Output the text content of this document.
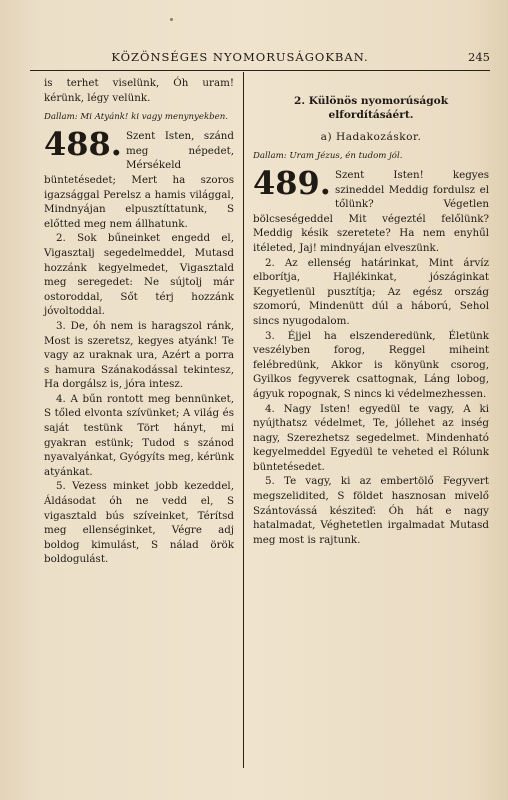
KÖZÖNSÉGES NYOMORUSÁGOKBAN.	245

is terhet viselünk, Óh uram! kérünk, légy velünk.

Dallam: Mi Atyánk! ki vagy menynyekben.

488. Szent Isten, szánd meg népedet, Mérsékeld büntetésedet; Mert ha szoros igazsággal Perelsz a hamis világgal, Mindnyájan elpusztíttatunk, S előtted meg nem állhatunk.

2. Sok bűneinket engedd el, Vigasztalj segedelmeddel, Mutasd hozzánk kegyelmedet, Vigasztald meg seregedet: Ne sújtolj már ostoroddal, Sőt térj hozzánk jóvoltoddal.

3. De, óh nem is haragszol ránk, Most is szeretsz, kegyes atyánk! Te vagy az uraknak ura, Azért a porra s hamura Szánakodással tekintesz, Ha dorgálsz is, jóra intesz.

4. A bűn rontott meg bennünket, S tőled elvonta szívünket; A világ és saját testünk Tört hányt, mi gyakran estünk; Tudod s szánod nyavalyánkat, Gyógyíts meg, kérünk atyánkat.

5. Vezess minket jobb kezeddel, Áldásodat óh ne vedd el, S vigasztald bús szíveinket, Térítsd meg ellenséginket, Végre adj boldog kimulást, S nálad örök boldogulást.

2. Különös nyomorúságok elfordításáért.

a) Hadakozáskor.

Dallam: Uram Jézus, én tudom jól.

489. Szent Isten! kegyes szineddel Meddig fordulsz el tőlünk? Végetlen bölcseségeddel Mit végeztél felőlünk? Meddig késik szeretete? Ha nem enyhűl itéleted, Jaj! mindnyájan elveszünk.

2. Az ellenség határinkat, Mint árvíz elborítja, Hajlékinkat, jószáginkat Kegyetlenül pusztítja; Az egész ország szomorú, Mindenütt dúl a háború, Sehol sincs nyugodalom.

3. Éjjel ha elszenderedünk, Életünk veszélyben forog, Reggel miheint felébredünk, Akkor is könyünk csorog, Gyilkos fegyverek csattognak, Láng lobog, ágyuk ropognak, S nincs ki védelmezhessen.

4. Nagy Isten! egyedül te vagy, A ki nyújthatsz védelmet, Te, jóllehet az inség nagy, Szerezhetsz segedelmet. Mindenható kegyelmeddel Egyedül te veheted el Rólunk büntetésedet.

5. Te vagy, ki az embertölő Fegyvert megszelidited, S földet hasznosan mivelő Szántovássá késziteď: Óh hát e nagy hatalmadat, Véghetetlen irgalmadat Mutasd meg most is rajtunk.
